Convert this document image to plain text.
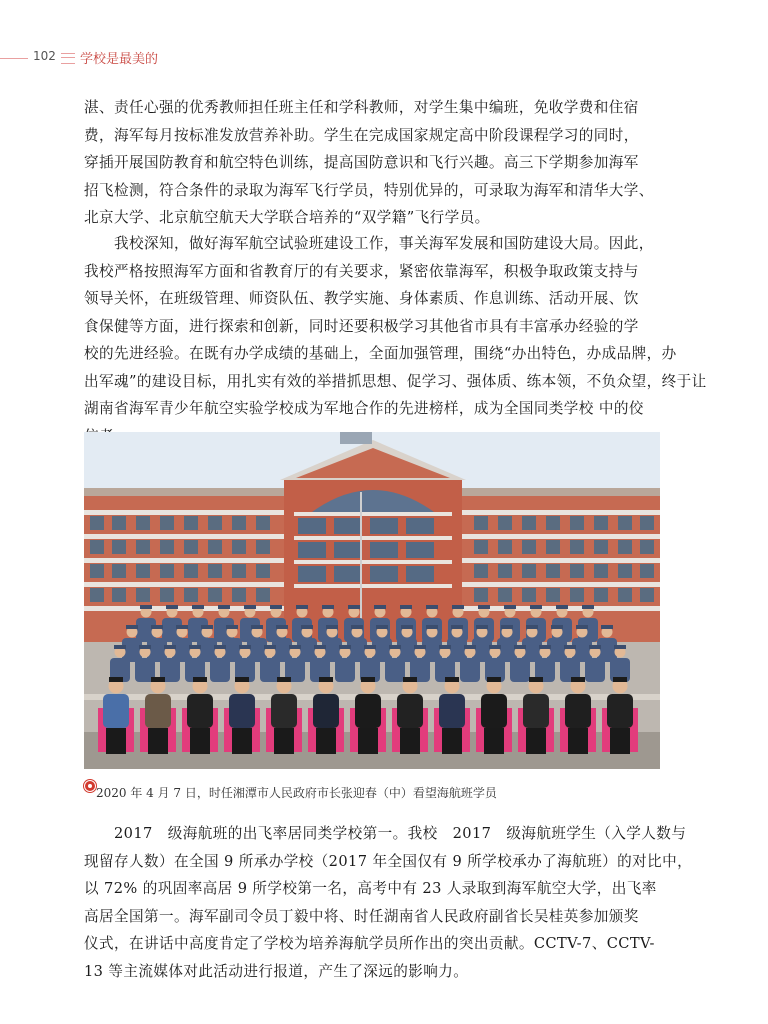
102 学校是最美的
湛、责任心强的优秀教师担任班主任和学科教师，对学生集中编班，免收学费和住宿
费，海军每月按标准发放营养补助。学生在完成国家规定高中阶段课程学习的同时，
穿插开展国防教育和航空特色训练，提高国防意识和飞行兴趣。高三下学期参加海军
招飞检测，符合条件的录取为海军飞行学员，特别优异的，可录取为海军和清华大学、
北京大学、北京航空航天大学联合培养的“双学籍”飞行学员。
　　我校深知，做好海军航空试验班建设工作，事关海军发展和国防建设大局。因此，
我校严格按照海军方面和省教育厅的有关要求，紧密依靠海军，积极争取政策支持与
领导关怀，在班级管理、师资队伍、教学实施、身体素质、作息训练、活动开展、饮
食保健等方面，进行探索和创新，同时还要积极学习其他省市具有丰富承办经验的学
校的先进经验。在既有办学成绩的基础上，全面加强管理，围绕“办出特色，办成品牌，办
出军魂”的建设目标，用扎实有效的举措抓思想、促学习、强体质、练本领，不负众望，终于让
湖南省海军青少年航空实验学校成为军地合作的先进榜样，成为全国同类学校 中的佼
2020 年 4 月 7 日，时任湘潭市人民政府市长张迎春（中）看望海航班学员
　　2017　级海航班的出飞率居同类学校第一。我校　2017　级海航班学生（入学人数与
现留存人数）在全国 9 所承办学校（2017 年全国仅有 9 所学校承办了海航班）的对比中，
以 72% 的巩固率高居 9 所学校第一名，高考中有 23 人录取到海军航空大学，出飞率
高居全国第一。海军副司令员丁毅中将、时任湖南省人民政府副省长吴桂英参加颁奖
仪式，在讲话中高度肯定了学校为培养海航学员所作出的突出贡献。CCTV-7、CCTV-
13 等主流媒体对此活动进行报道，产生了深远的影响力。
